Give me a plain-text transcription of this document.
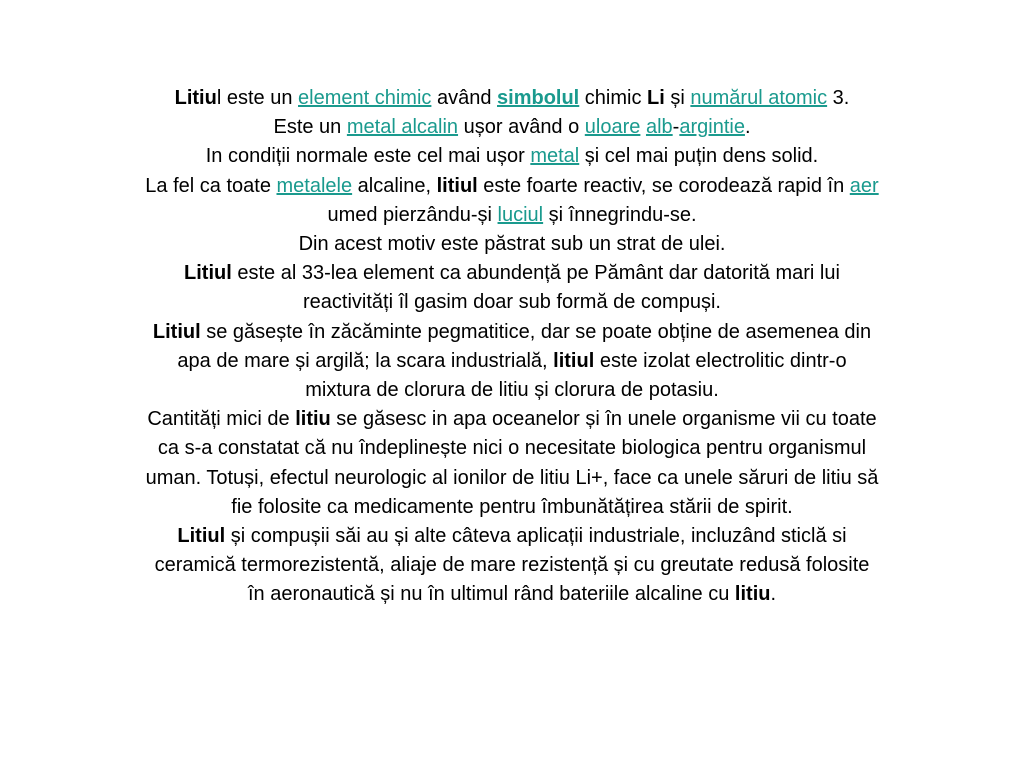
Litiul este un element chimic având simbolul chimic Li și numărul atomic 3.
Este un metal alcalin ușor având o uloare alb-argintie.
In condiții normale este cel mai ușor metal și cel mai puțin dens solid.
La fel ca toate metalele alcaline, litiul este foarte reactiv, se corodează rapid în aer
umed pierzându-și luciul și înnegrindu-se.
Din acest motiv este păstrat sub un strat de ulei.
Litiul este al 33-lea element ca abundență pe Pământ dar datorită mari lui
reactivități îl gasim doar sub formă de compuși.
Litiul se găsește în zăcăminte pegmatitice, dar se poate obține de asemenea din
apa de mare și argilă; la scara industrială, litiul este izolat electrolitic dintr-o
mixtura de clorura de litiu și clorura de potasiu.
Cantități mici de litiu se găsesc in apa oceanelor și în unele organisme vii cu toate
ca s-a constatat că nu îndeplinește nici o necesitate biologica pentru organismul
uman. Totuși, efectul neurologic al ionilor de litiu Li+, face ca unele săruri de litiu să
fie folosite ca medicamente pentru îmbunătățirea stării de spirit.
Litiul și compușii săi au și alte câteva aplicații industriale, incluzând sticlă si
ceramică termorezistentă, aliaje de mare rezistență și cu greutate redusă folosite
în aeronautică și nu în ultimul rând bateriile alcaline cu litiu.
